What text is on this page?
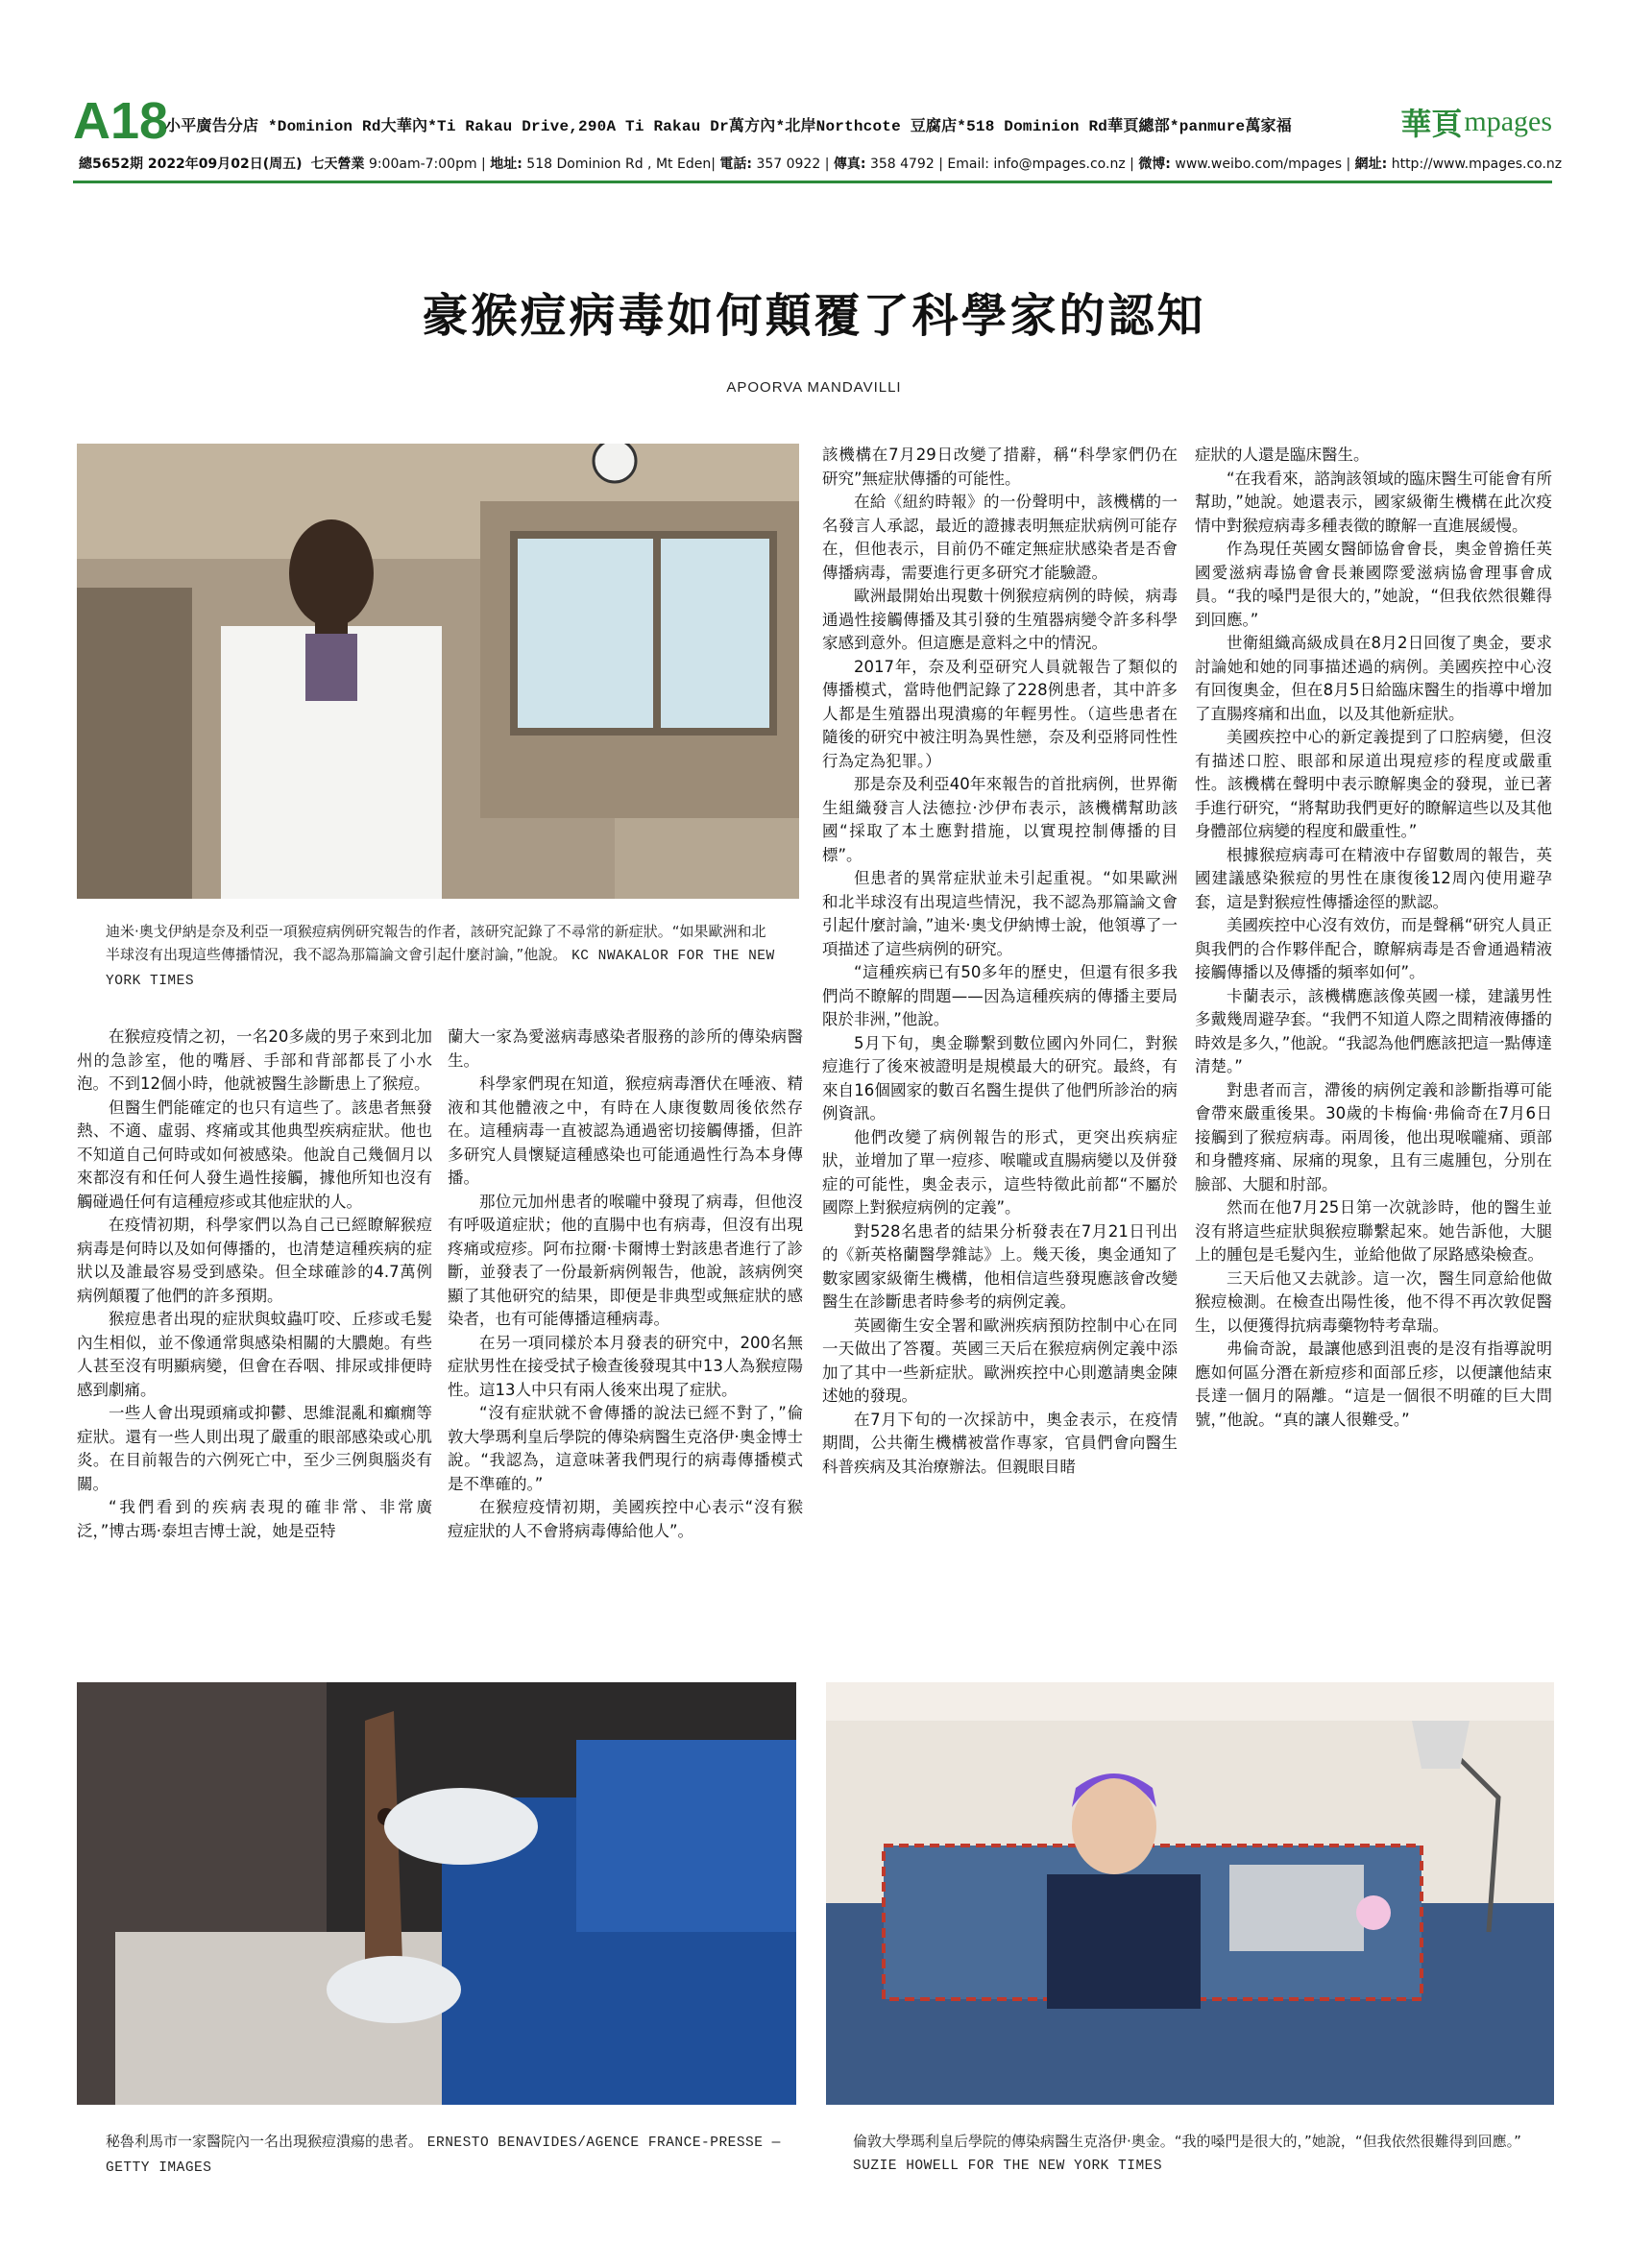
A18
小平廣告分店 *Dominion Rd大華內*Ti Rakau Drive,290A Ti Rakau Dr萬方內*北岸Northcote 豆腐店*518 Dominion Rd華頁總部*panmure萬家福	華頁 mpages
總5652期 2022年09月02日(周五) 七天營業 9:00am-7:00pm | 地址: 518 Dominion Rd , Mt Eden| 電話: 357 0922 | 傳真: 358 4792 | Email: info@mpages.co.nz | 微博: www.weibo.com/mpages | 網址: http://www.mpages.co.nz
豪猴痘病毒如何顛覆了科學家的認知
APOORVA MANDAVILLI
迪米·奧戈伊納是奈及利亞一項猴痘病例研究報告的作者，該研究記錄了不尋常的新症狀。“如果歐洲和北半球沒有出現這些傳播情況，我不認為那篇論文會引起什麼討論，”他說。 KC NWAKALOR FOR THE NEW YORK TIMES

在猴痘疫情之初，一名20多歲的男子來到北加州的急診室，他的嘴唇、手部和背部都長了小水泡。不到12個小時，他就被醫生診斷患上了猴痘。

但醫生們能確定的也只有這些了。該患者無發熱、不適、虛弱、疼痛或其他典型疾病症狀。他也不知道自己何時或如何被感染。他說自己幾個月以來都沒有和任何人發生過性接觸，據他所知也沒有觸碰過任何有這種痘疹或其他症狀的人。

在疫情初期，科學家們以為自己已經瞭解猴痘病毒是何時以及如何傳播的，也清楚這種疾病的症狀以及誰最容易受到感染。但全球確診的4.7萬例病例顛覆了他們的許多預期。

猴痘患者出現的症狀與蚊蟲叮咬、丘疹或毛髮內生相似，並不像通常與感染相關的大膿皰。有些人甚至沒有明顯病變，但會在吞咽、排尿或排便時感到劇痛。

一些人會出現頭痛或抑鬱、思維混亂和癲癇等症狀。還有一些人則出現了嚴重的眼部感染或心肌炎。在目前報告的六例死亡中，至少三例與腦炎有關。

“我們看到的疾病表現的確非常、非常廣泛，”博古瑪·泰坦吉博士說，她是亞特

蘭大一家為愛滋病毒感染者服務的診所的傳染病醫生。

科學家們現在知道，猴痘病毒潛伏在唾液、精液和其他體液之中，有時在人康復數周後依然存在。這種病毒一直被認為通過密切接觸傳播，但許多研究人員懷疑這種感染也可能通過性行為本身傳播。

那位元加州患者的喉嚨中發現了病毒，但他沒有呼吸道症狀；他的直腸中也有病毒，但沒有出現疼痛或痘疹。阿布拉爾·卡爾博士對該患者進行了診斷，並發表了一份最新病例報告，他說，該病例突顯了其他研究的結果，即便是非典型或無症狀的感染者，也有可能傳播這種病毒。

在另一項同樣於本月發表的研究中，200名無症狀男性在接受拭子檢查後發現其中13人為猴痘陽性。這13人中只有兩人後來出現了症狀。

“沒有症狀就不會傳播的說法已經不對了，”倫敦大學瑪利皇后學院的傳染病醫生克洛伊·奧金博士說。“我認為，這意味著我們現行的病毒傳播模式是不準確的。”

在猴痘疫情初期，美國疾控中心表示“沒有猴痘症狀的人不會將病毒傳給他人”。

該機構在7月29日改變了措辭，稱“科學家們仍在研究”無症狀傳播的可能性。

在給《紐約時報》的一份聲明中，該機構的一名發言人承認，最近的證據表明無症狀病例可能存在，但他表示，目前仍不確定無症狀感染者是否會傳播病毒，需要進行更多研究才能驗證。

歐洲最開始出現數十例猴痘病例的時候，病毒通過性接觸傳播及其引發的生殖器病變令許多科學家感到意外。但這應是意料之中的情況。

2017年，奈及利亞研究人員就報告了類似的傳播模式，當時他們記錄了228例患者，其中許多人都是生殖器出現潰瘍的年輕男性。（這些患者在隨後的研究中被注明為異性戀，奈及利亞將同性性行為定為犯罪。）

那是奈及利亞40年來報告的首批病例，世界衛生組織發言人法德拉·沙伊布表示，該機構幫助該國“採取了本土應對措施，以實現控制傳播的目標”。

但患者的異常症狀並未引起重視。“如果歐洲和北半球沒有出現這些情況，我不認為那篇論文會引起什麼討論，”迪米·奧戈伊納博士說，他領導了一項描述了這些病例的研究。

“這種疾病已有50多年的歷史，但還有很多我們尚不瞭解的問題——因為這種疾病的傳播主要局限於非洲，”他說。

5月下旬，奧金聯繫到數位國內外同仁，對猴痘進行了後來被證明是規模最大的研究。最終，有來自16個國家的數百名醫生提供了他們所診治的病例資訊。

他們改變了病例報告的形式，更突出疾病症狀，並增加了單一痘疹、喉嚨或直腸病變以及併發症的可能性，奧金表示，這些特徵此前都“不屬於國際上對猴痘病例的定義”。

對528名患者的結果分析發表在7月21日刊出的《新英格蘭醫學雜誌》上。幾天後，奧金通知了數家國家級衛生機構，他相信這些發現應該會改變醫生在診斷患者時參考的病例定義。

英國衛生安全署和歐洲疾病預防控制中心在同一天做出了答覆。英國三天后在猴痘病例定義中添加了其中一些新症狀。歐洲疾控中心則邀請奧金陳述她的發現。

在7月下旬的一次採訪中，奧金表示，在疫情期間，公共衛生機構被當作專家，官員們會向醫生科普疾病及其治療辦法。但親眼目睹

症狀的人還是臨床醫生。

“在我看來，諮詢該領域的臨床醫生可能會有所幫助，”她說。她還表示，國家級衛生機構在此次疫情中對猴痘病毒多種表徵的瞭解一直進展緩慢。

作為現任英國女醫師協會會長，奧金曾擔任英國愛滋病毒協會會長兼國際愛滋病協會理事會成員。“我的嗓門是很大的，”她說，“但我依然很難得到回應。”

世衛組織高級成員在8月2日回復了奧金，要求討論她和她的同事描述過的病例。美國疾控中心沒有回復奧金，但在8月5日給臨床醫生的指導中增加了直腸疼痛和出血，以及其他新症狀。

美國疾控中心的新定義提到了口腔病變，但沒有描述口腔、眼部和尿道出現痘疹的程度或嚴重性。該機構在聲明中表示瞭解奧金的發現，並已著手進行研究，“將幫助我們更好的瞭解這些以及其他身體部位病變的程度和嚴重性。”

根據猴痘病毒可在精液中存留數周的報告，英國建議感染猴痘的男性在康復後12周內使用避孕套，這是對猴痘性傳播途徑的默認。

美國疾控中心沒有效仿，而是聲稱“研究人員正與我們的合作夥伴配合，瞭解病毒是否會通過精液接觸傳播以及傳播的頻率如何”。

卡蘭表示，該機構應該像英國一樣，建議男性多戴幾周避孕套。“我們不知道人際之間精液傳播的時效是多久，”他說。“我認為他們應該把這一點傳達清楚。”

對患者而言，滯後的病例定義和診斷指導可能會帶來嚴重後果。30歲的卡梅倫·弗倫奇在7月6日接觸到了猴痘病毒。兩周後，他出現喉嚨痛、頭部和身體疼痛、尿痛的現象，且有三處腫包，分別在臉部、大腿和肘部。

然而在他7月25日第一次就診時，他的醫生並沒有將這些症狀與猴痘聯繫起來。她告訴他，大腿上的腫包是毛髮內生，並給他做了尿路感染檢查。

三天后他又去就診。這一次，醫生同意給他做猴痘檢測。在檢查出陽性後，他不得不再次敦促醫生，以便獲得抗病毒藥物特考韋瑞。

弗倫奇說，最讓他感到沮喪的是沒有指導說明應如何區分潛在新痘疹和面部丘疹，以便讓他結束長達一個月的隔離。“這是一個很不明確的巨大問號，”他說。“真的讓人很難受。”

秘魯利馬市一家醫院內一名出現猴痘潰瘍的患者。 ERNESTO BENAVIDES/AGENCE FRANCE-PRESSE — GETTY IMAGES
倫敦大學瑪利皇后學院的傳染病醫生克洛伊·奧金。“我的嗓門是很大的，”她說，“但我依然很難得到回應。” SUZIE HOWELL FOR THE NEW YORK TIMES
